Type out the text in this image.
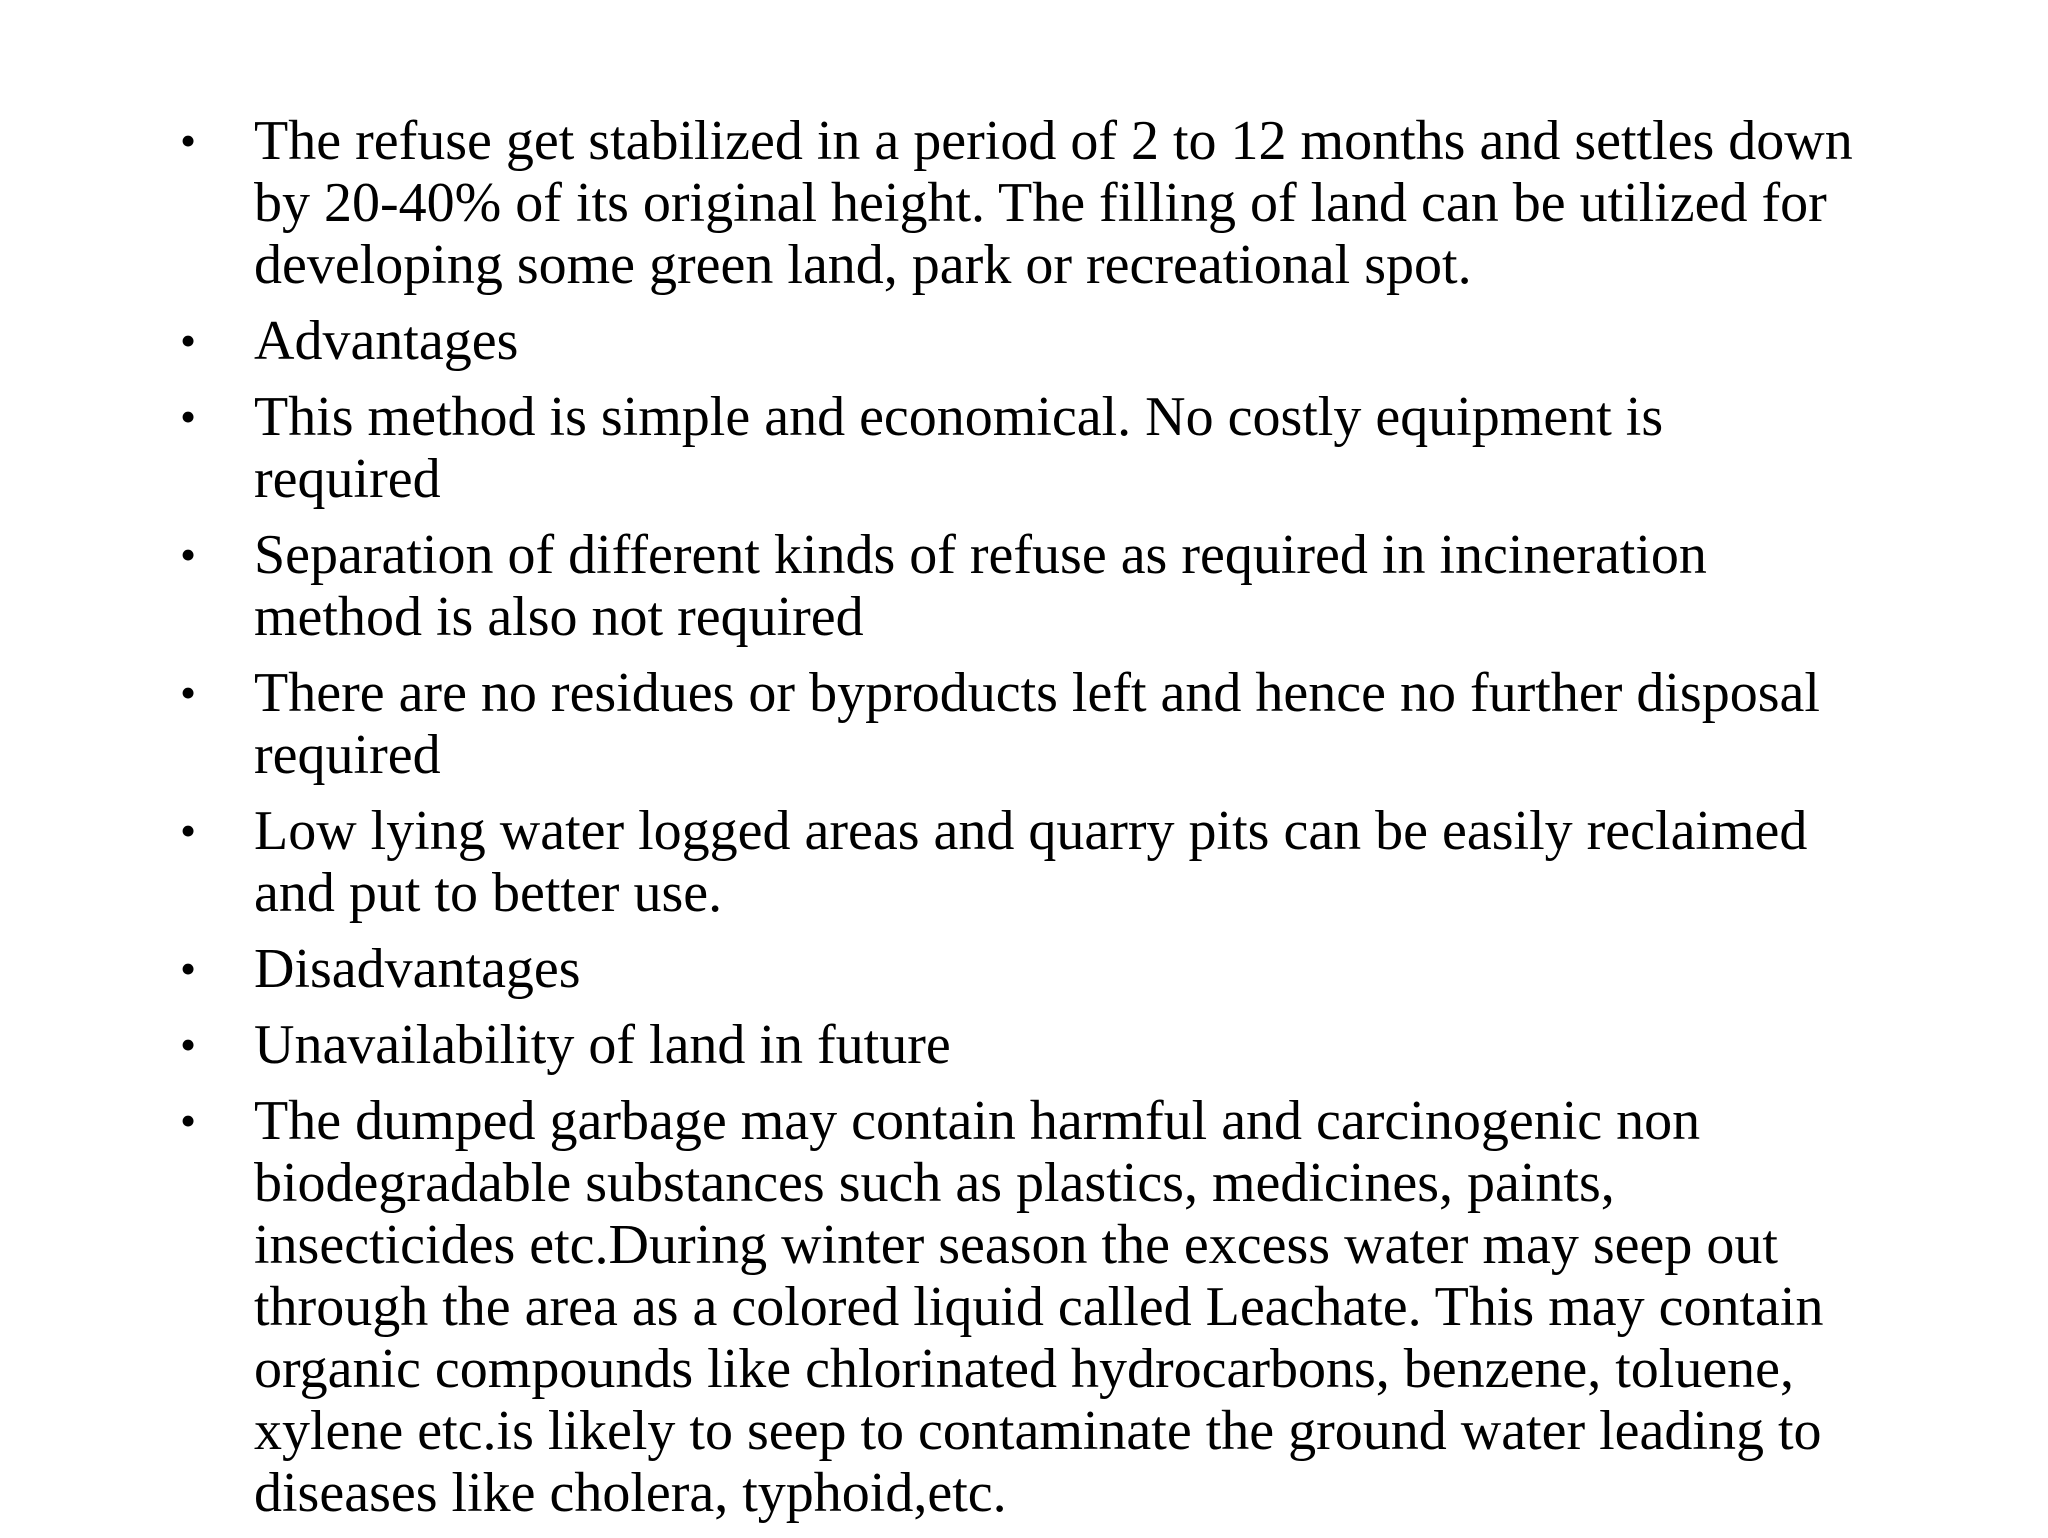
•	The refuse get stabilized in a period of 2 to 12 months and settles down
by 20-40% of its original height. The filling of land can be utilized for
developing some green land, park or recreational spot.
•	Advantages
•	This method is simple and economical. No costly equipment is
required
•	Separation of different kinds of refuse as required in incineration
method is also not required
•	There are no residues or byproducts left and hence no further disposal
required
•	Low lying water logged areas and quarry pits can be easily reclaimed
and put to better use.
•	Disadvantages
•	Unavailability of land in future
•	The dumped garbage may contain harmful and carcinogenic non
biodegradable substances such as plastics, medicines, paints,
insecticides etc.During winter season the excess water may seep out
through the area as a colored liquid called Leachate. This may contain
organic compounds like chlorinated hydrocarbons, benzene, toluene,
xylene etc.is likely to seep to contaminate the ground water leading to
diseases like cholera, typhoid,etc.
